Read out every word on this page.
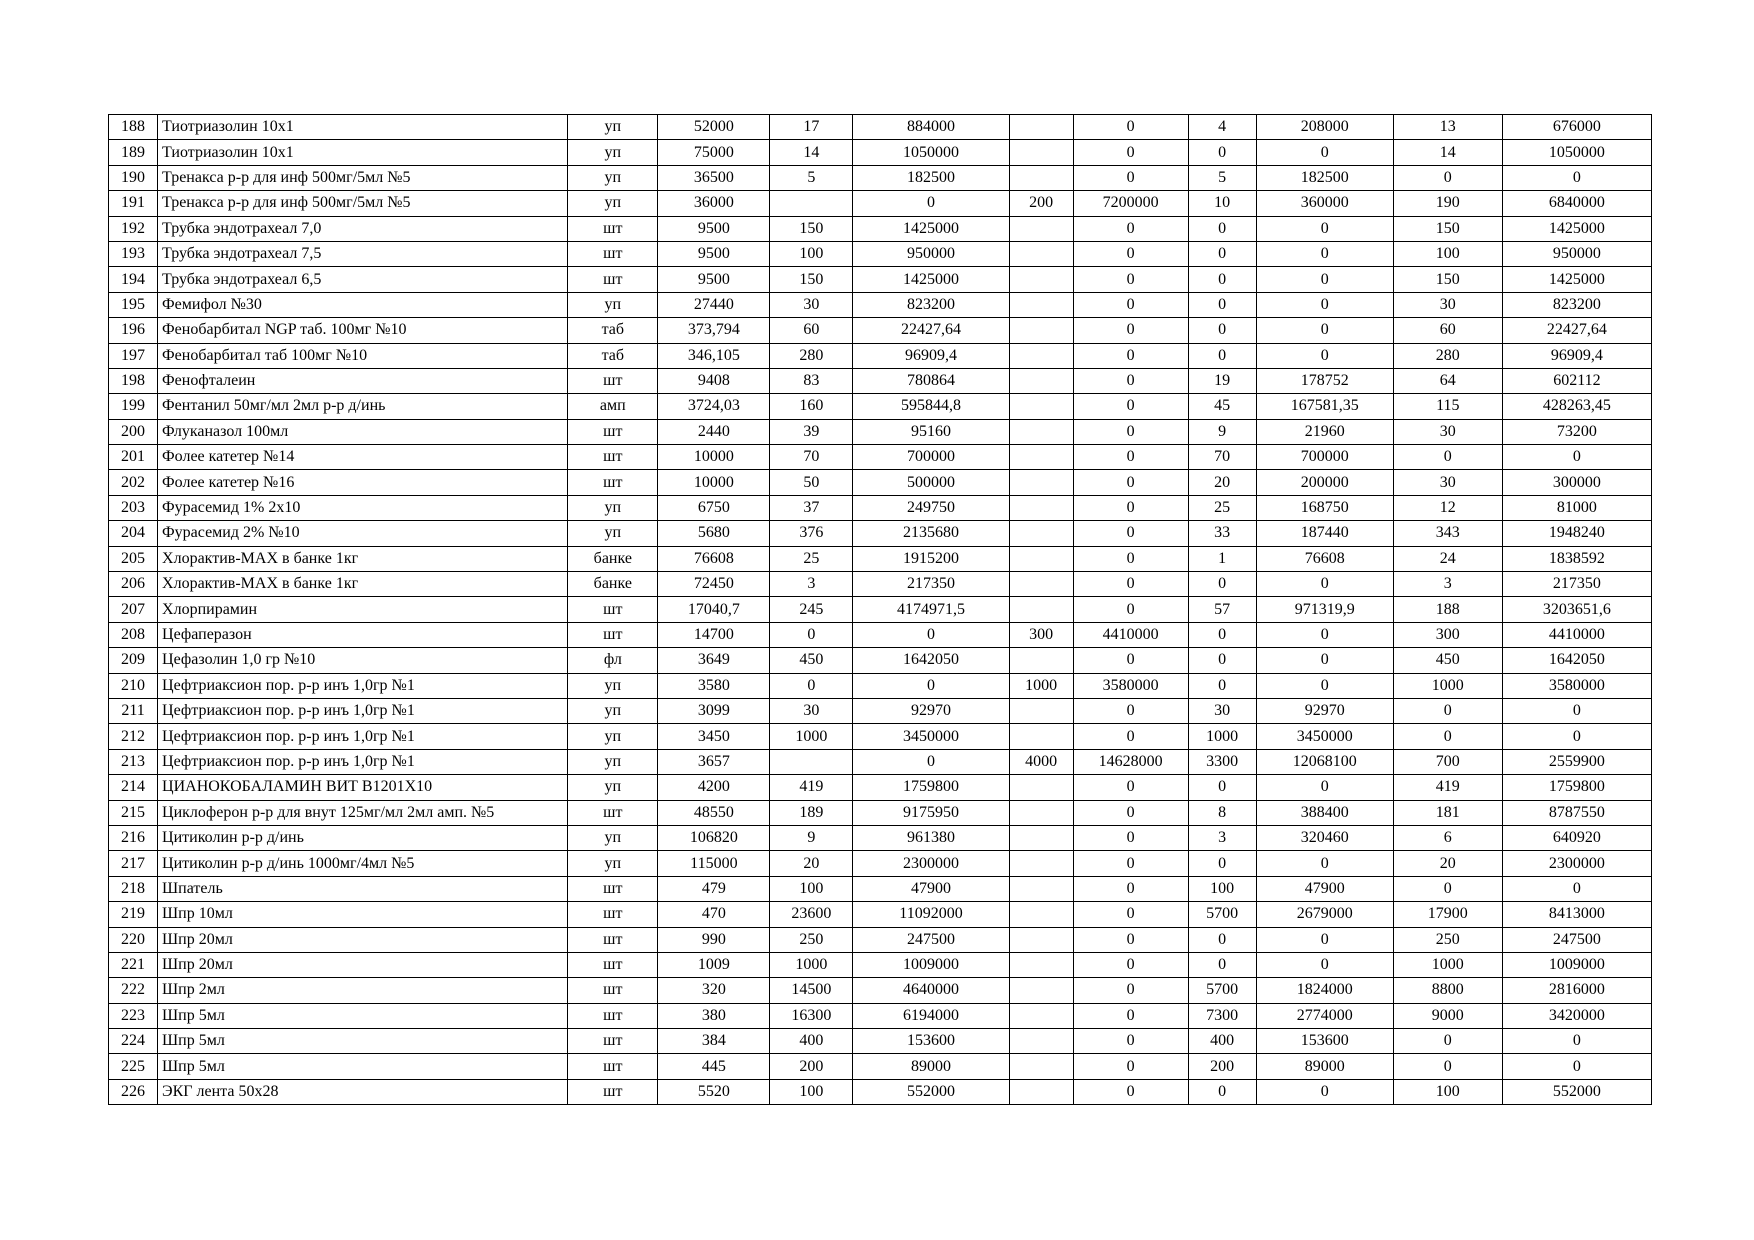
188	Тиотриазолин 10х1	уп	52000	17	884000		0	4	208000	13	676000
189	Тиотриазолин 10х1	уп	75000	14	1050000		0	0	0	14	1050000
190	Тренакса р-р для инф 500мг/5мл №5	уп	36500	5	182500		0	5	182500	0	0
191	Тренакса р-р для инф 500мг/5мл №5	уп	36000		0	200	7200000	10	360000	190	6840000
192	Трубка эндотрахеал 7,0	шт	9500	150	1425000		0	0	0	150	1425000
193	Трубка эндотрахеал 7,5	шт	9500	100	950000		0	0	0	100	950000
194	Трубка эндотрахеал 6,5	шт	9500	150	1425000		0	0	0	150	1425000
195	Фемифол №30	уп	27440	30	823200		0	0	0	30	823200
196	Фенобарбитал NGP таб. 100мг №10	таб	373,794	60	22427,64		0	0	0	60	22427,64
197	Фенобарбитал таб 100мг №10	таб	346,105	280	96909,4		0	0	0	280	96909,4
198	Фенофталеин	шт	9408	83	780864		0	19	178752	64	602112
199	Фентанил 50мг/мл 2мл р-р д/инь	амп	3724,03	160	595844,8		0	45	167581,35	115	428263,45
200	Флуканазол 100мл	шт	2440	39	95160		0	9	21960	30	73200
201	Фолее катетер №14	шт	10000	70	700000		0	70	700000	0	0
202	Фолее катетер №16	шт	10000	50	500000		0	20	200000	30	300000
203	Фурасемид 1% 2х10	уп	6750	37	249750		0	25	168750	12	81000
204	Фурасемид 2% №10	уп	5680	376	2135680		0	33	187440	343	1948240
205	Хлорактив-MAX в банке 1кг	банке	76608	25	1915200		0	1	76608	24	1838592
206	Хлорактив-MAX в банке 1кг	банке	72450	3	217350		0	0	0	3	217350
207	Хлорпирамин	шт	17040,7	245	4174971,5		0	57	971319,9	188	3203651,6
208	Цефаперазон	шт	14700	0	0	300	4410000	0	0	300	4410000
209	Цефазолин 1,0 гр №10	фл	3649	450	1642050		0	0	0	450	1642050
210	Цефтриаксион пор. р-р инъ 1,0гр №1	уп	3580	0	0	1000	3580000	0	0	1000	3580000
211	Цефтриаксион пор. р-р инъ 1,0гр №1	уп	3099	30	92970		0	30	92970	0	0
212	Цефтриаксион пор. р-р инъ 1,0гр №1	уп	3450	1000	3450000		0	1000	3450000	0	0
213	Цефтриаксион пор. р-р инъ 1,0гр №1	уп	3657		0	4000	14628000	3300	12068100	700	2559900
214	ЦИАНОКОБАЛАМИН ВИТ В1201Х10	уп	4200	419	1759800		0	0	0	419	1759800
215	Циклоферон р-р для внут 125мг/мл 2мл амп. №5	шт	48550	189	9175950		0	8	388400	181	8787550
216	Цитиколин р-р д/инь	уп	106820	9	961380		0	3	320460	6	640920
217	Цитиколин р-р д/инь 1000мг/4мл №5	уп	115000	20	2300000		0	0	0	20	2300000
218	Шпатель	шт	479	100	47900		0	100	47900	0	0
219	Шпр 10мл	шт	470	23600	11092000		0	5700	2679000	17900	8413000
220	Шпр 20мл	шт	990	250	247500		0	0	0	250	247500
221	Шпр 20мл	шт	1009	1000	1009000		0	0	0	1000	1009000
222	Шпр 2мл	шт	320	14500	4640000		0	5700	1824000	8800	2816000
223	Шпр 5мл	шт	380	16300	6194000		0	7300	2774000	9000	3420000
224	Шпр 5мл	шт	384	400	153600		0	400	153600	0	0
225	Шпр 5мл	шт	445	200	89000		0	200	89000	0	0
226	ЭКГ лента 50х28	шт	5520	100	552000		0	0	0	100	552000
